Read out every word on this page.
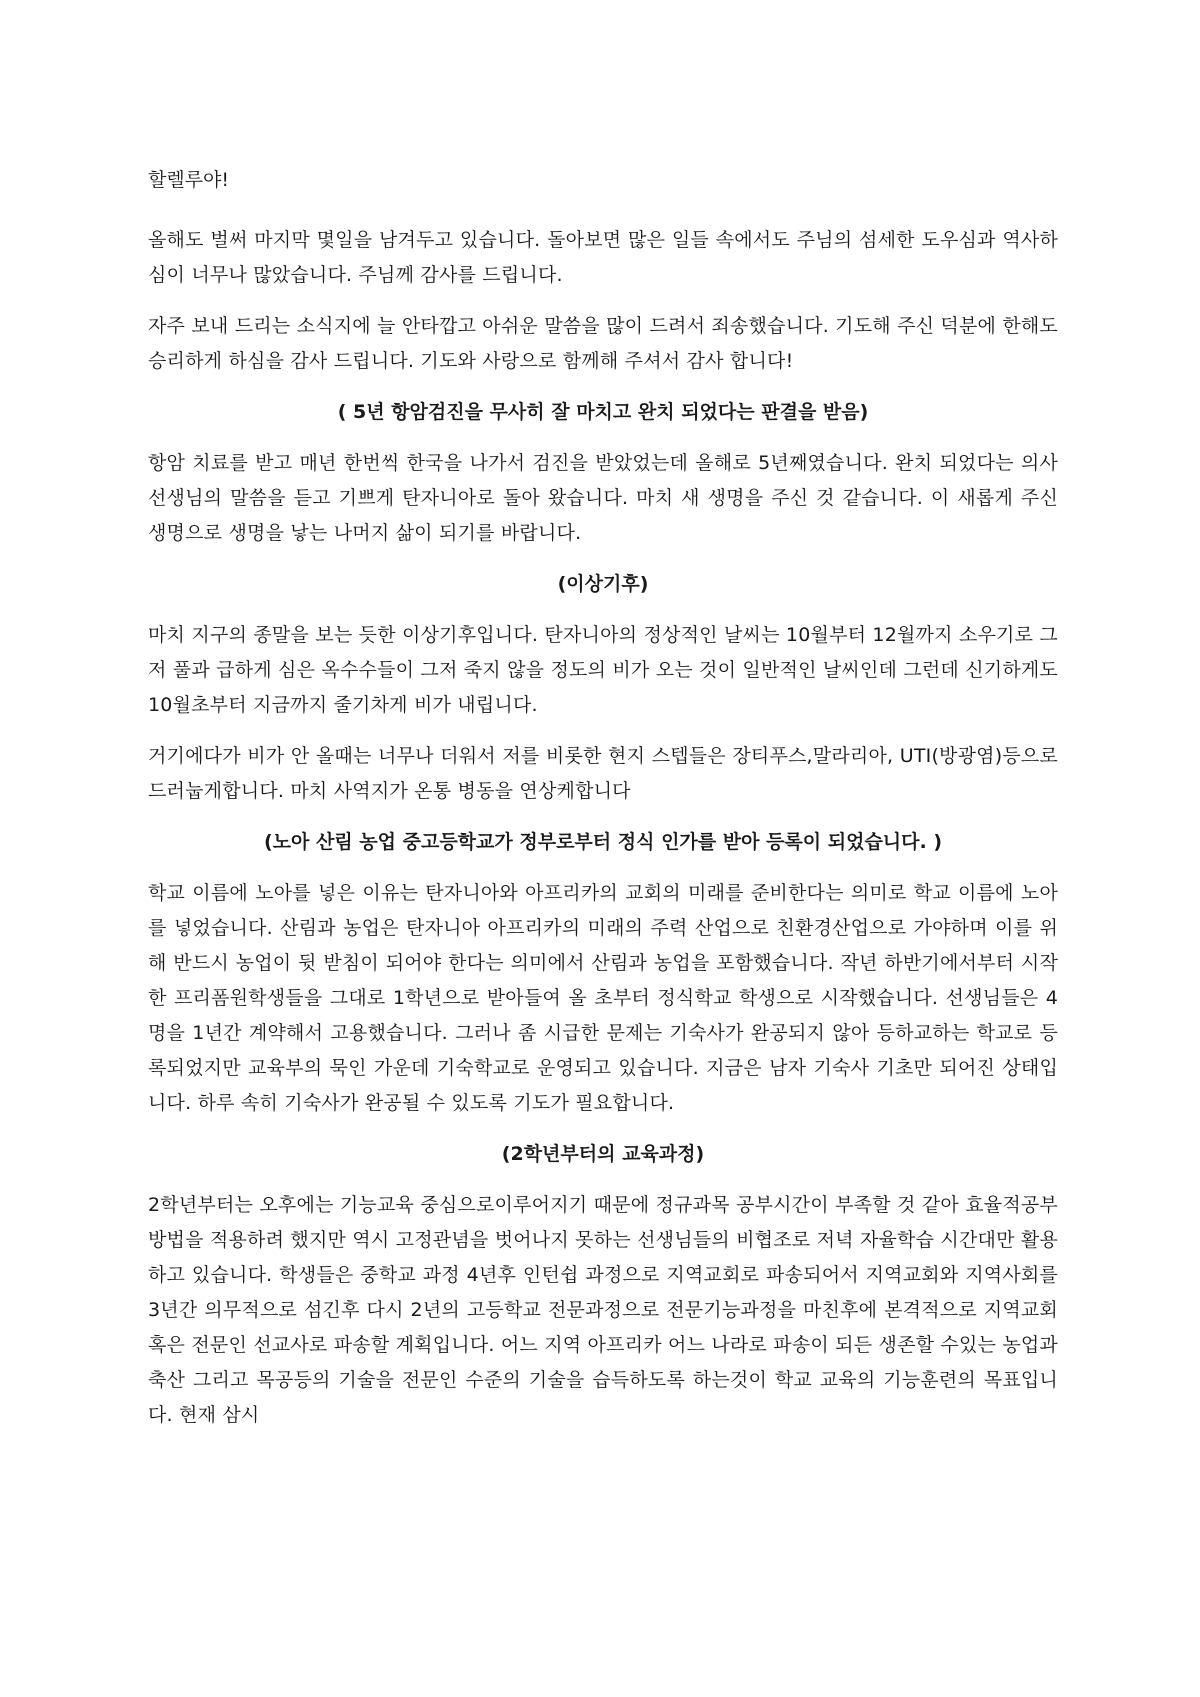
할렐루야!

올해도 벌써 마지막 몇일을 남겨두고 있습니다. 돌아보면 많은 일들 속에서도 주님의 섬세한 도우심과 역사하심이 너무나 많았습니다. 주님께 감사를 드립니다.

자주 보내 드리는 소식지에 늘 안타깝고 아쉬운 말씀을 많이 드려서 죄송했습니다. 기도해 주신 덕분에 한해도 승리하게 하심을 감사 드립니다. 기도와 사랑으로 함께해 주셔서 감사 합니다!

( 5년 항암검진을 무사히 잘 마치고 완치 되었다는 판결을 받음)

항암 치료를 받고 매년 한번씩 한국을 나가서 검진을 받았었는데 올해로 5년째였습니다. 완치 되었다는 의사 선생님의 말씀을 듣고 기쁘게 탄자니아로 돌아 왔습니다. 마치 새 생명을 주신 것 같습니다. 이 새롭게 주신 생명으로 생명을 낳는 나머지 삶이 되기를 바랍니다.

(이상기후)

마치 지구의 종말을 보는 듯한 이상기후입니다. 탄자니아의 정상적인 날씨는 10월부터 12월까지 소우기로 그저 풀과 급하게 심은 옥수수들이 그저 죽지 않을 정도의 비가 오는 것이 일반적인 날씨인데 그런데 신기하게도 10월초부터 지금까지 줄기차게 비가 내립니다.

거기에다가 비가 안 올때는 너무나 더워서 저를 비롯한 현지 스텝들은 장티푸스,말라리아, UTI(방광염)등으로 드러눕게합니다. 마치 사역지가 온통 병동을 연상케합니다

(노아 산림 농업 중고등학교가 정부로부터 정식 인가를 받아 등록이 되었습니다. )

학교 이름에 노아를 넣은 이유는 탄자니아와 아프리카의 교회의 미래를 준비한다는 의미로 학교 이름에 노아를 넣었습니다. 산림과 농업은 탄자니아 아프리카의 미래의 주력 산업으로 친환경산업으로 가야하며 이를 위해 반드시 농업이 뒷 받침이 되어야 한다는 의미에서 산림과 농업을 포함했습니다. 작년 하반기에서부터 시작한 프리폼원학생들을 그대로 1학년으로 받아들여 올 초부터 정식학교 학생으로 시작했습니다. 선생님들은 4명을 1년간 계약해서 고용했습니다. 그러나 좀 시급한 문제는 기숙사가 완공되지 않아 등하교하는 학교로 등록되었지만 교육부의 묵인 가운데 기숙학교로 운영되고 있습니다. 지금은 남자 기숙사 기초만 되어진 상태입니다. 하루 속히 기숙사가 완공될 수 있도록 기도가 필요합니다.

(2학년부터의 교육과정)

2학년부터는 오후에는 기능교육 중심으로이루어지기 때문에 정규과목 공부시간이 부족할 것 같아 효율적공부 방법을 적용하려 했지만 역시 고정관념을 벗어나지 못하는 선생님들의 비협조로 저녁 자율학습 시간대만 활용하고 있습니다. 학생들은 중학교 과정 4년후 인턴쉽 과정으로 지역교회로 파송되어서 지역교회와 지역사회를 3년간 의무적으로 섬긴후 다시 2년의 고등학교 전문과정으로 전문기능과정을 마친후에 본격적으로 지역교회 혹은 전문인 선교사로 파송할 계획입니다. 어느 지역 아프리카 어느 나라로 파송이 되든 생존할 수있는 농업과 축산 그리고 목공등의 기술을 전문인 수준의 기술을 습득하도록 하는것이 학교 교육의 기능훈련의 목표입니다. 현재 삼시
